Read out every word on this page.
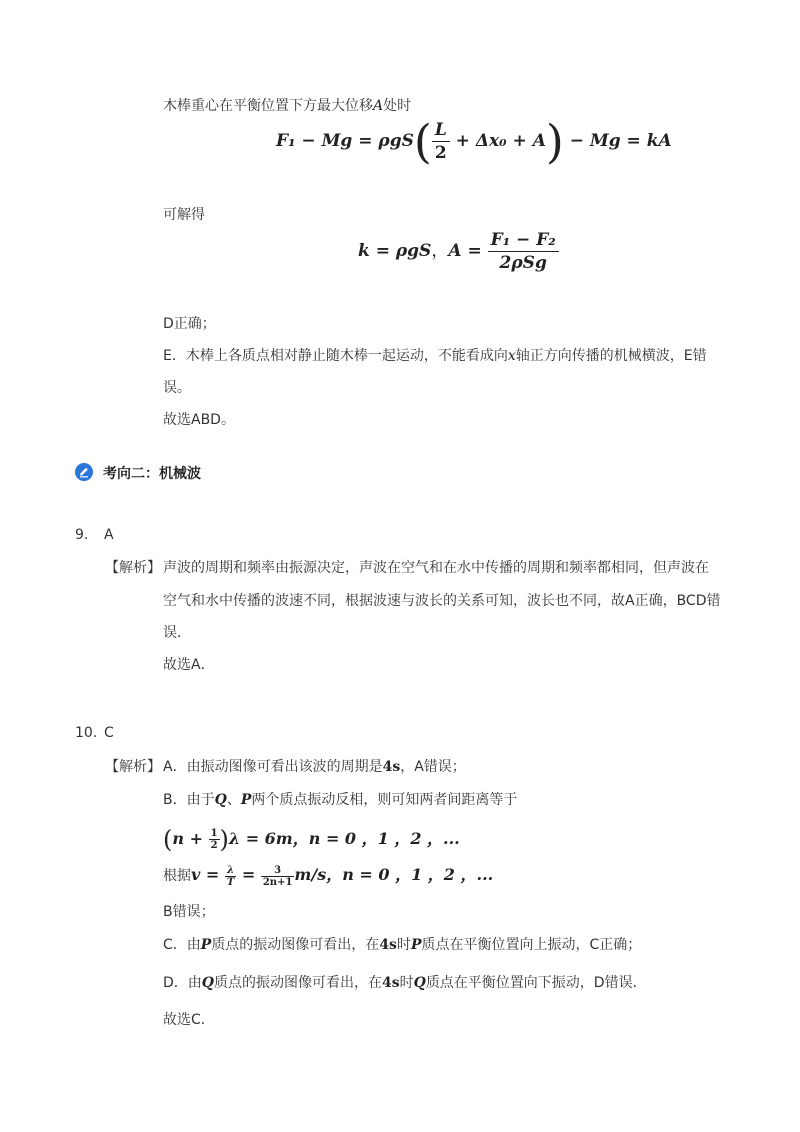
木棒重心在平衡位置下方最大位移A处时
$F_1 - Mg = \rho gS( \frac{L}{2} + \Delta x_0 + A) - Mg$ = kA
可解得
k = ρgS，$A = \frac{\text{F₁ − F₂}}{\text{2ρSg}}$
D正确；
E．木棒上各质点相对静止随木棒一起运动，不能看成向x轴正方向传播的机械横波，E错
误。
故选ABD。
考向二：机械波
9. A
【解析】 声波的周期和频率由振源决定，声波在空气和在水中传播的周期和频率都相同，但声波在
空气和水中传播的波速不同，根据波速与波长的关系可知，波长也不同，故A正确，BCD错
误．
故选A．
10. C
【解析】 A．由振动图像可看出该波的周期是4s，A错误；
B．由于Q、P两个质点振动反相，则可知两者间距离等于
$(n + \frac{1}{2} )\lambda = 6m$，n = 0 ，1 ，2 ，...
根据$v = \frac{\lambda}{T} = \frac{3}{2n+1} m/s$，n = 0 ，1 ，2 ，...
B错误；
C．由P质点的振动图像可看出，在4s时P质点在平衡位置向上振动，C正确；
D．由Q质点的振动图像可看出，在4s时Q质点在平衡位置向下振动，D错误．
故选C．
